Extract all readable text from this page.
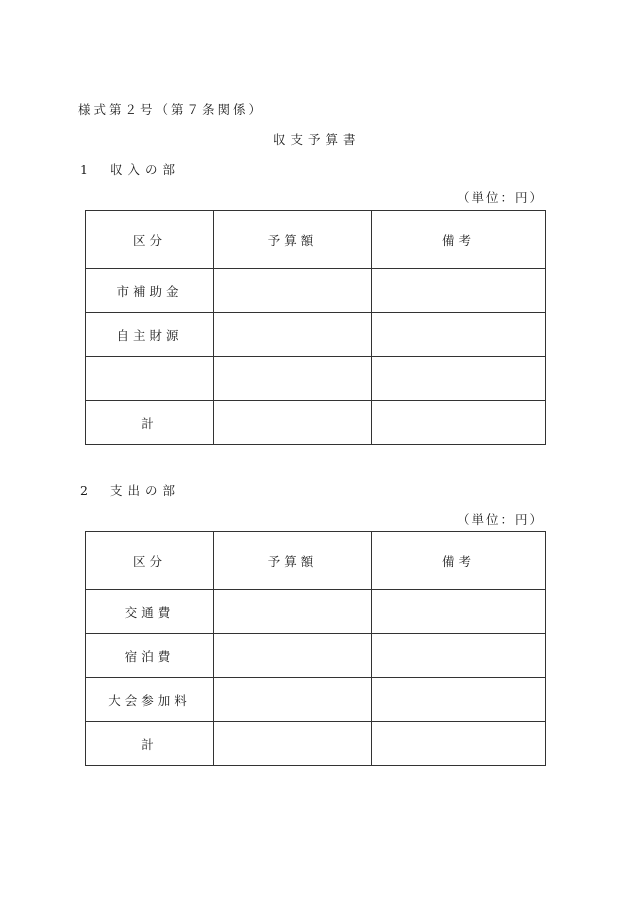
様式第２号（第７条関係）
収支予算書
1 収入の部
（単位：円）
区分	予算額	備考
市補助金		
自主財源		

計		
2 支出の部
（単位：円）
区分	予算額	備考
交通費		
宿泊費		
大会参加料		
計		
